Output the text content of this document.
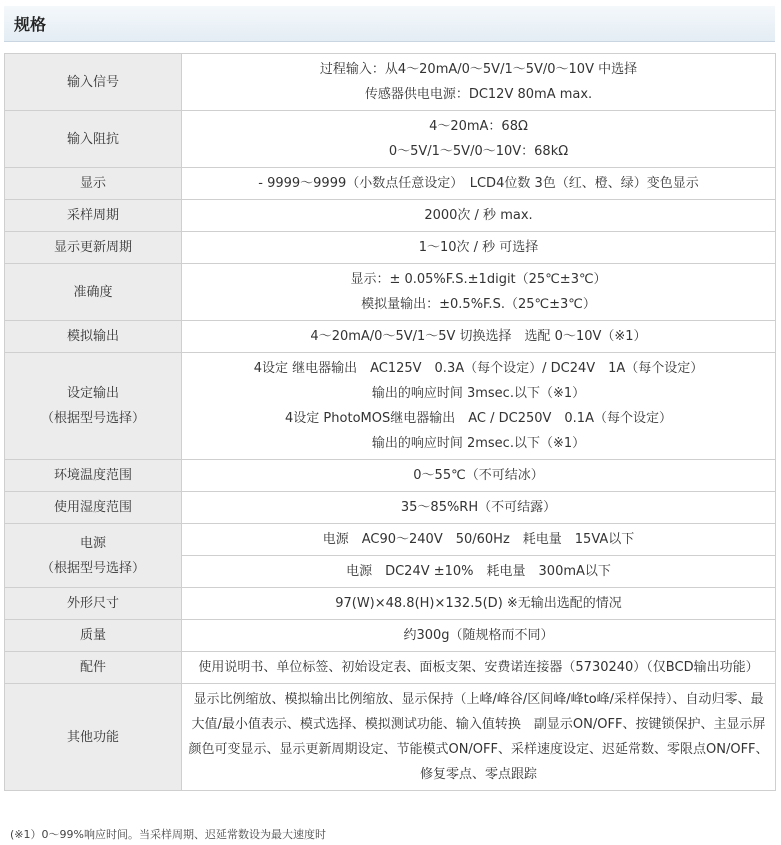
规格
输入信号	过程输入：从4～20mA/0～5V/1～5V/0～10V 中选择
传感器供电电源：DC12V 80mA max.

输入阻抗	4～20mA：68Ω
0～5V/1～5V/0～10V：68kΩ

显示	- 9999～9999（小数点任意设定）　LCD4位数 3色（红、橙、绿）变色显示

采样周期	2000次 / 秒 max.

显示更新周期	1～10次 / 秒 可选择

准确度	显示：± 0.05%F.S.±1digit（25℃±3℃）
模拟量输出：±0.5%F.S.（25℃±3℃）

模拟输出	4～20mA/0～5V/1～5V 切换选择　选配 0～10V（※1）

设定输出
（根据型号选择）	4设定 继电器输出　AC125V　0.3A（每个设定）/ DC24V　1A（每个设定）
输出的响应时间 3msec.以下（※1）
4设定 PhotoMOS继电器输出　AC / DC250V　0.1A（每个设定）
输出的响应时间 2msec.以下（※1）

环境温度范围	0～55℃（不可结冰）

使用湿度范围	35～85%RH（不可结露）

电源
（根据型号选择）	电源　AC90～240V　50/60Hz　耗电量　15VA以下

	电源　DC24V ±10%　耗电量　300mA以下

外形尺寸	97(W)×48.8(H)×132.5(D) ※无输出选配的情况

质量	约300g（随规格而不同）

配件	使用说明书、单位标签、初始设定表、面板支架、安费诺连接器（5730240）（仅BCD输出功能）

其他功能	显示比例缩放、模拟输出比例缩放、显示保持（上峰/峰谷/区间峰/峰to峰/采样保持）、自动归零、最大值/最小值表示、模式选择、模拟测试功能、输入值转换　副显示ON/OFF、按键锁保护、主显示屏颜色可变显示、显示更新周期设定、节能模式ON/OFF、采样速度设定、迟延常数、零限点ON/OFF、修复零点、零点跟踪
(※1）0～99%响应时间。当采样周期、迟延常数设为最大速度时
